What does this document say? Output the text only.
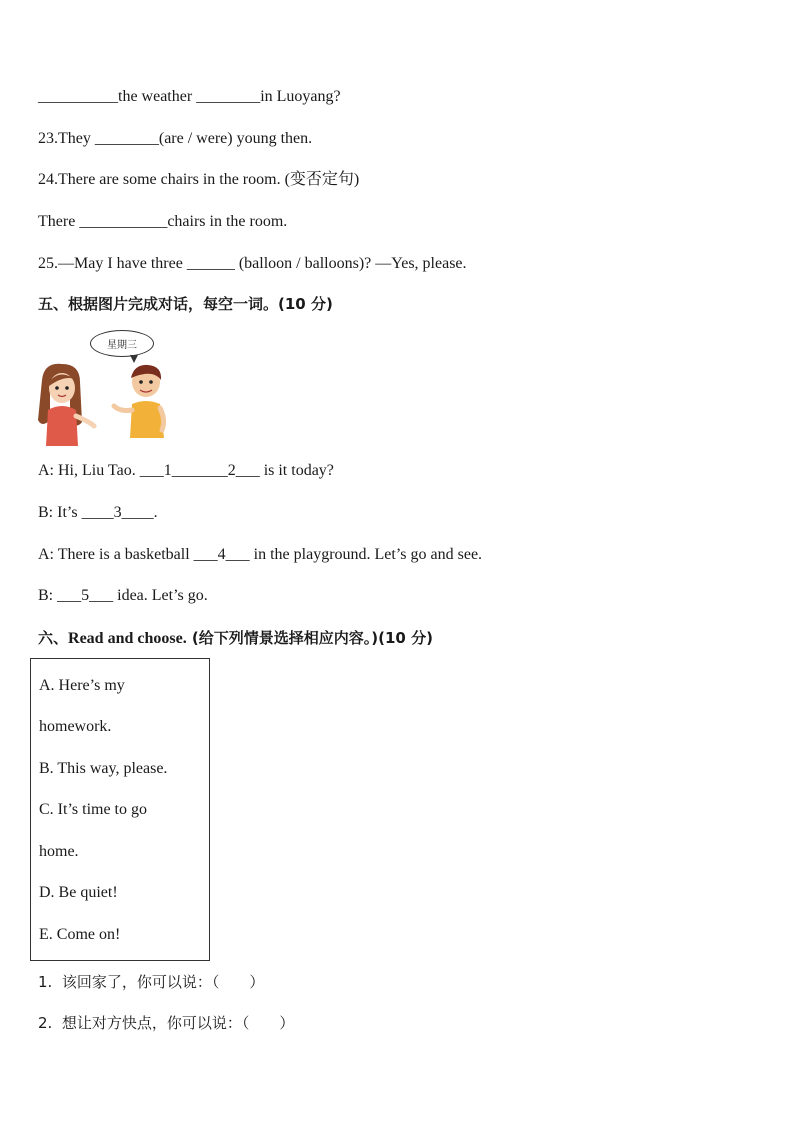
__________the weather ________in Luoyang?
23.They ________(are / were) young then.
24.There are some chairs in the room. (变否定句)
There ___________chairs in the room.
25.—May I have three ______ (balloon / balloons)? —Yes, please.
五、根据图片完成对话，每空一词。(10 分)
星期三
A: Hi, Liu Tao. ___1_______2___ is it today?
B: It’s ____3____.
A: There is a basketball ___4___ in the playground. Let’s go and see.
B: ___5___ idea. Let’s go.
六、Read and choose. (给下列情景选择相应内容。)(10 分)
A. Here’s my
homework.
B. This way, please.
C. It’s time to go
home.
D. Be quiet!
E. Come on!
1. 该回家了，你可以说：（　　）
2. 想让对方快点，你可以说：（　　）
